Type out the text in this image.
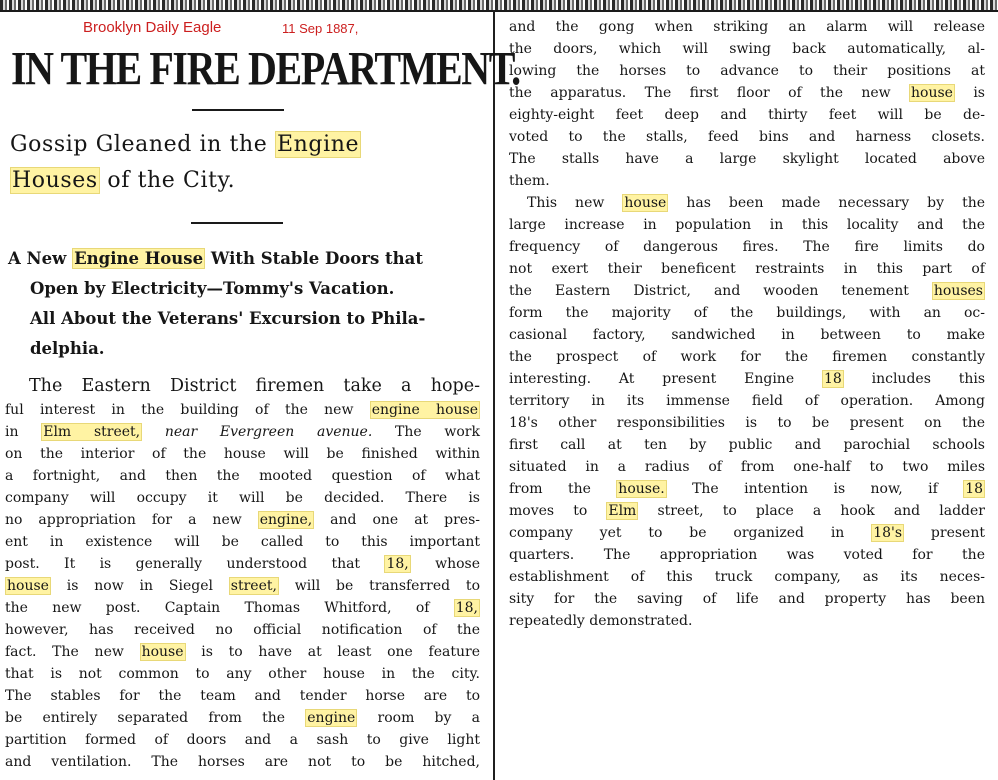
Brooklyn Daily Eagle	11 Sep 1887,
IN THE FIRE DEPARTMENT.
Gossip Gleaned in the Engine
Houses of the City.
A New Engine House With Stable Doors that
Open by Electricity—Tommy's Vacation.
All About the Veterans' Excursion to Phila-
delphia.
The Eastern District firemen take a hope-
ful interest in the building of the new engine house
in Elm street, near Evergreen avenue. The work
on the interior of the house will be finished within
a fortnight, and then the mooted question of what
company will occupy it will be decided. There is
no appropriation for a new engine, and one at pres-
ent in existence will be called to this important
post. It is generally understood that 18, whose
house is now in Siegel street, will be transferred to
the new post. Captain Thomas Whitford, of 18,
however, has received no official notification of the
fact. The new house is to have at least one feature
that is not common to any other house in the city.
The stables for the team and tender horse are to
be entirely separated from the engine room by a
partition formed of doors and a sash to give light
and ventilation. The horses are not to be hitched,
and the gong when striking an alarm will release
the doors, which will swing back automatically, al-
lowing the horses to advance to their positions at
the apparatus. The first floor of the new house is
eighty-eight feet deep and thirty feet will be de-
voted to the stalls, feed bins and harness closets.
The stalls have a large skylight located above
them.
This new house has been made necessary by the
large increase in population in this locality and the
frequency of dangerous fires. The fire limits do
not exert their beneficent restraints in this part of
the Eastern District, and wooden tenement houses
form the majority of the buildings, with an oc-
casional factory, sandwiched in between to make
the prospect of work for the firemen constantly
interesting. At present Engine 18 includes this
territory in its immense field of operation. Among
18's other responsibilities is to be present on the
first call at ten by public and parochial schools
situated in a radius of from one-half to two miles
from the house. The intention is now, if 18
moves to Elm street, to place a hook and ladder
company yet to be organized in 18's present
quarters. The appropriation was voted for the
establishment of this truck company, as its neces-
sity for the saving of life and property has been
repeatedly demonstrated.
